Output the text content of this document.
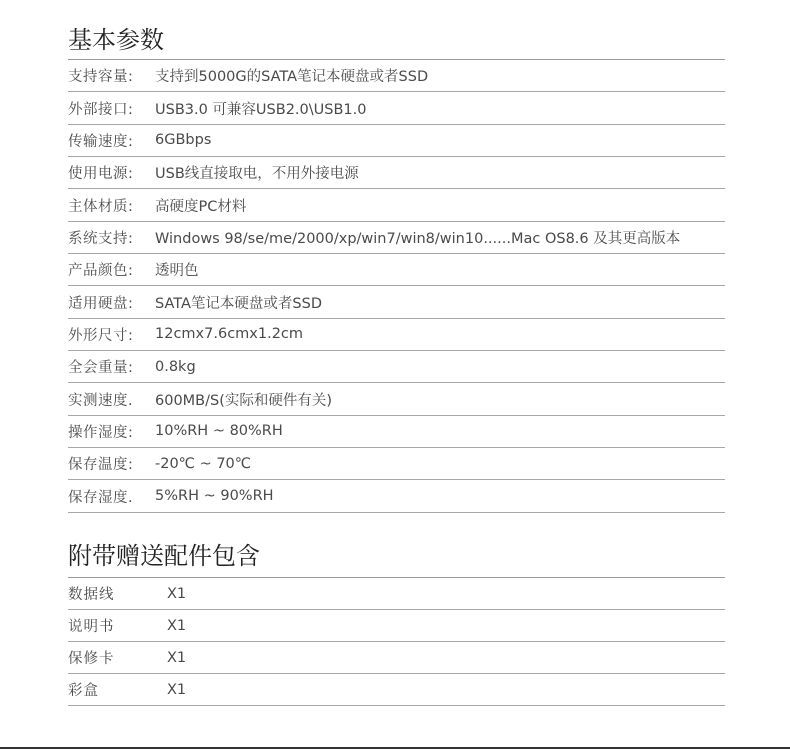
基本参数
支持容量:	支持到5000G的SATA笔记本硬盘或者SSD
外部接口:	USB3.0 可兼容USB2.0\USB1.0
传输速度:	6GBbps
使用电源:	USB线直接取电，不用外接电源
主体材质:	高硬度PC材料
系统支持:	Windows 98/se/me/2000/xp/win7/win8/win10......Mac OS8.6 及其更高版本
产品颜色:	透明色
适用硬盘:	SATA笔记本硬盘或者SSD
外形尺寸:	12cmx7.6cmx1.2cm
全会重量:	0.8kg
实测速度.	600MB/S(实际和硬件有关)
操作湿度:	10%RH ~ 80%RH
保存温度:	-20℃ ~ 70℃
保存湿度.	5%RH ~ 90%RH
附带赠送配件包含
数据线	X1
说明书	X1
保修卡	X1
彩盒	X1
